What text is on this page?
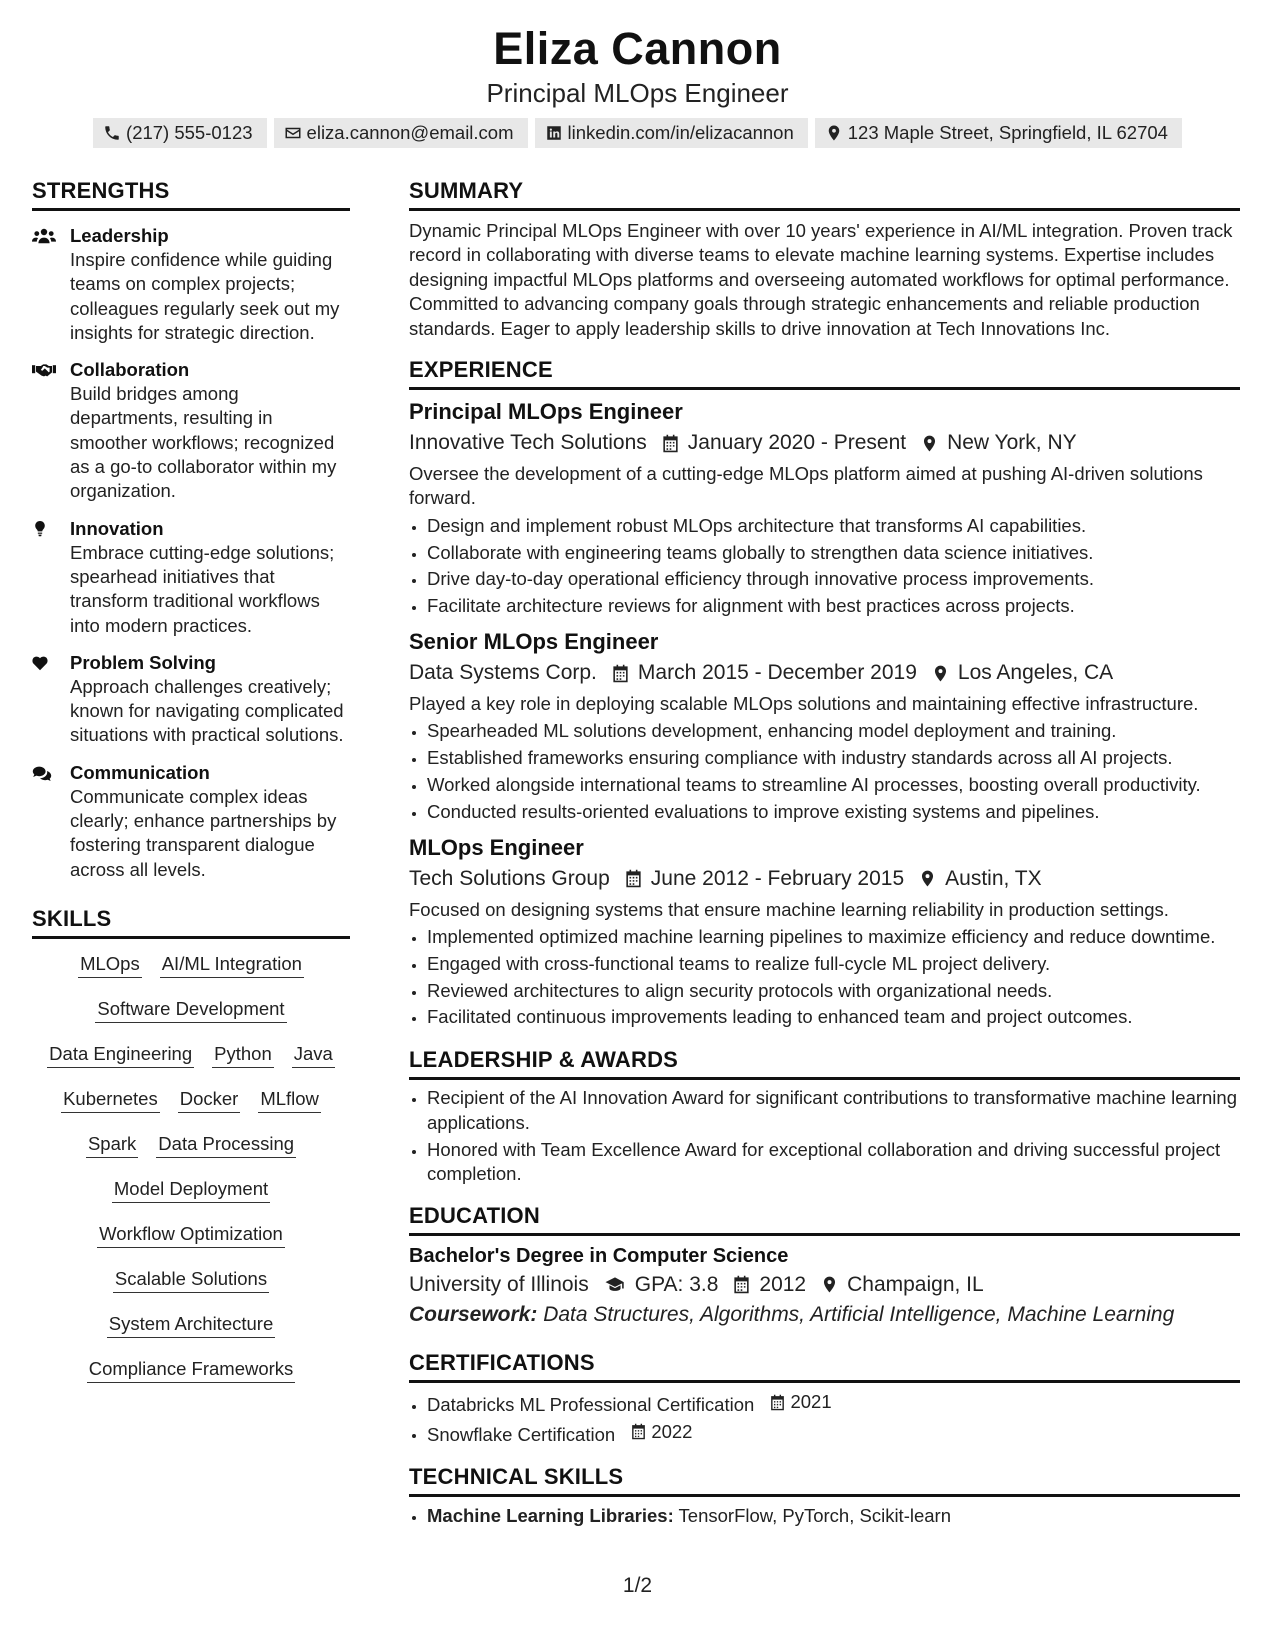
Eliza Cannon
Principal MLOps Engineer
(217) 555-0123	eliza.cannon@email.com	linkedin.com/in/elizacannon	123 Maple Street, Springfield, IL 62704
STRENGTHS
Leadership
Inspire confidence while guiding teams on complex projects; colleagues regularly seek out my insights for strategic direction.
Collaboration
Build bridges among departments, resulting in smoother workflows; recognized as a go-to collaborator within my organization.
Innovation
Embrace cutting-edge solutions; spearhead initiatives that transform traditional workflows into modern practices.
Problem Solving
Approach challenges creatively; known for navigating complicated situations with practical solutions.
Communication
Communicate complex ideas clearly; enhance partnerships by fostering transparent dialogue across all levels.
SKILLS
MLOps AI/ML Integration
Software Development
Data Engineering Python Java
Kubernetes Docker MLflow
Spark Data Processing
Model Deployment
Workflow Optimization
Scalable Solutions
System Architecture
Compliance Frameworks
SUMMARY
Dynamic Principal MLOps Engineer with over 10 years' experience in AI/ML integration. Proven track record in collaborating with diverse teams to elevate machine learning systems. Expertise includes designing impactful MLOps platforms and overseeing automated workflows for optimal performance. Committed to advancing company goals through strategic enhancements and reliable production standards. Eager to apply leadership skills to drive innovation at Tech Innovations Inc.
EXPERIENCE
Principal MLOps Engineer
Innovative Tech Solutions January 2020 - Present New York, NY
Oversee the development of a cutting-edge MLOps platform aimed at pushing AI-driven solutions forward.
• Design and implement robust MLOps architecture that transforms AI capabilities.
• Collaborate with engineering teams globally to strengthen data science initiatives.
• Drive day-to-day operational efficiency through innovative process improvements.
• Facilitate architecture reviews for alignment with best practices across projects.
Senior MLOps Engineer
Data Systems Corp. March 2015 - December 2019 Los Angeles, CA
Played a key role in deploying scalable MLOps solutions and maintaining effective infrastructure.
• Spearheaded ML solutions development, enhancing model deployment and training.
• Established frameworks ensuring compliance with industry standards across all AI projects.
• Worked alongside international teams to streamline AI processes, boosting overall productivity.
• Conducted results-oriented evaluations to improve existing systems and pipelines.
MLOps Engineer
Tech Solutions Group June 2012 - February 2015 Austin, TX
Focused on designing systems that ensure machine learning reliability in production settings.
• Implemented optimized machine learning pipelines to maximize efficiency and reduce downtime.
• Engaged with cross-functional teams to realize full-cycle ML project delivery.
• Reviewed architectures to align security protocols with organizational needs.
• Facilitated continuous improvements leading to enhanced team and project outcomes.
LEADERSHIP & AWARDS
• Recipient of the AI Innovation Award for significant contributions to transformative machine learning applications.
• Honored with Team Excellence Award for exceptional collaboration and driving successful project completion.
EDUCATION
Bachelor's Degree in Computer Science
University of Illinois GPA: 3.8 2012 Champaign, IL
Coursework: Data Structures, Algorithms, Artificial Intelligence, Machine Learning
CERTIFICATIONS
• Databricks ML Professional Certification 2021
• Snowflake Certification 2022
TECHNICAL SKILLS
• Machine Learning Libraries: TensorFlow, PyTorch, Scikit-learn
1/2
